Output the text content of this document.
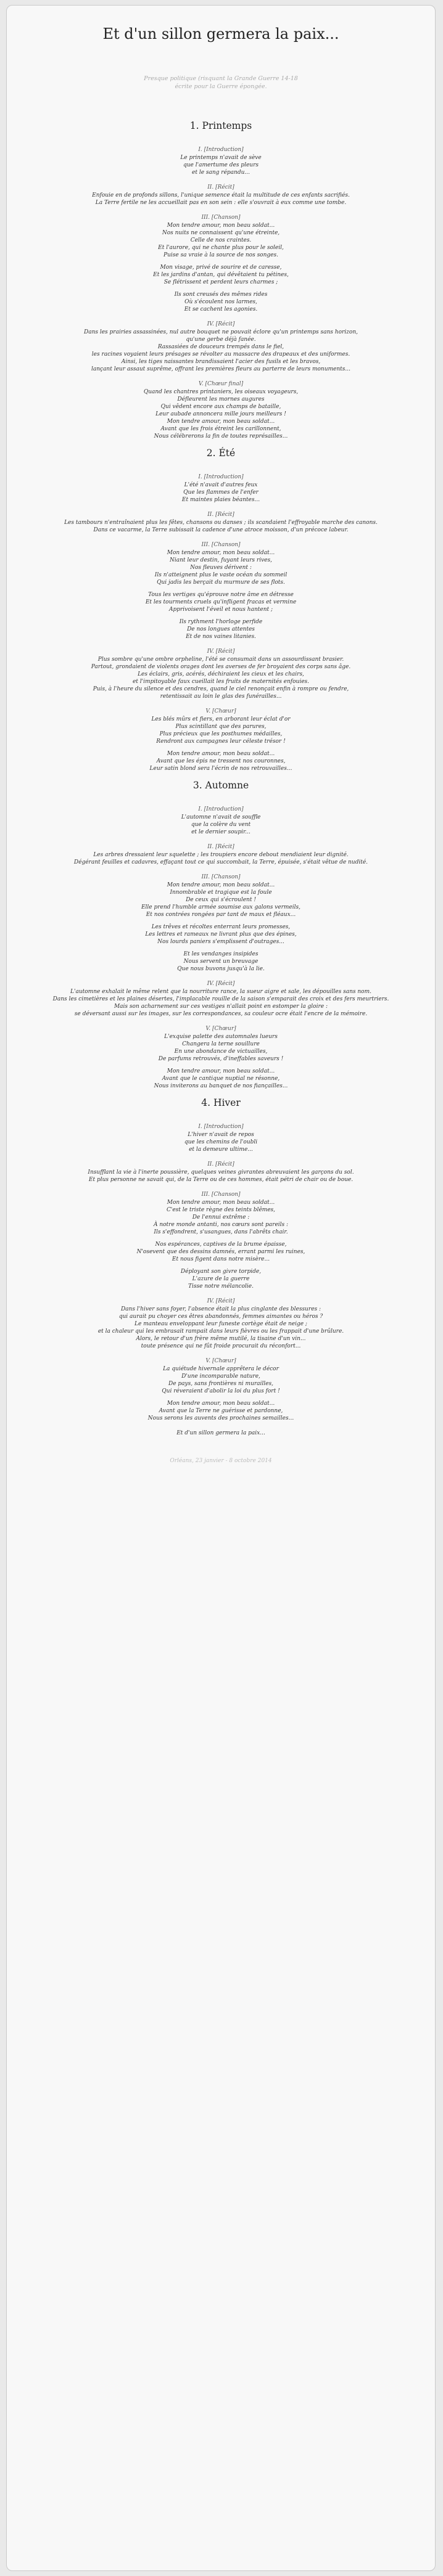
Et d'un sillon germera la paix...
Presque politique (risquant la Grande Guerre 14-18
écrite pour la Guerre épongée.
1. Printemps
I. [Introduction]
Le printemps n'avait de sève
que l'amertume des pleurs
et le sang répandu...
II. [Récit]
Enfouie en de profonds sillons, l'unique semence était la multitude de ces enfants sacrifiés.
La Terre fertile ne les accueillait pas en son sein : elle s'ouvrait à eux comme une tombe.
III. [Chanson]
Mon tendre amour, mon beau soldat...
Nos nuits ne connaissent qu'une étreinte,
Celle de nos craintes.
Et l'aurore, qui ne chante plus pour le soleil,
Puise sa vraie à la source de nos songes.
Mon visage, privé de sourire et de caresse,
Et les jardins d'antan, qui dévêtaient tu pétines,
Se flétrissent et perdent leurs charmes ;
Ils sont creusés des mêmes rides
Où s'écoulent nos larmes,
Et se cachent les agonies.
IV. [Récit]
Dans les prairies assassinées, nul autre bouquet ne pouvait éclore qu'un printemps sans horizon,
qu'une gerbe déjà fanée.
Rassasiées de douceurs trempés dans le fiel,
les racines voyaient leurs présages se révolter au massacre des drapeaux et des uniformes.
Ainsi, les tiges naissantes brandissaient l'acier des fusils et les bravos,
lançant leur assaut suprême, offrant les premières fleurs au parterre de leurs monuments...
V. [Chœur final]
Quand les chantres printaniers, les oiseaux voyageurs,
Défleurent les mornes augures
Qui vêdent encore aux champs de bataille,
Leur aubade annoncera mille jours meilleurs !
Mon tendre amour, mon beau soldat...
Avant que les frois étreint les carillonnent,
Nous célébrerons la fin de toutes représailles...
2. Été
I. [Introduction]
L'été n'avait d'autres feux
Que les flammes de l'enfer
Et maintes plaies béantes...
II. [Récit]
Les tambours n'entraînaient plus les fêtes, chansons ou danses ; ils scandaient l'effroyable marche des canons.
Dans ce vacarme, la Terre subissait la cadence d'une atroce moisson, d'un précoce labeur.
III. [Chanson]
Mon tendre amour, mon beau soldat...
Niant leur destin, fuyant leurs rives,
Nos fleuves dérivent :
Ils n'atteignent plus le vaste océan du sommeil
Qui jadis les berçait du murmure de ses flots.
Tous les vertiges qu'éprouve notre âme en détresse
Et les tourments cruels qu'infligent fracas et vermine
Apprivoisent l'éveil et nous hantent ;
Ils rythment l'horloge perfide
De nos longues attentes
Et de nos vaines litanies.
IV. [Récit]
Plus sombre qu'une ombre orpheline, l'été se consumait dans un assourdissant brasier.
Partout, grondaient de violents orages dont les averses de fer broyaient des corps sans âge.
Les éclairs, gris, acérés, déchiraient les cieux et les chairs,
et l'impitoyable faux cueillait les fruits de maternités enfouies.
Puis, à l'heure du silence et des cendres, quand le ciel renonçait enfin à rompre ou fendre,
retentissait au loin le glas des funérailles...
V. [Chœur]
Les blés mûrs et fiers, en arborant leur éclat d'or
Plus scintillant que des parures,
Plus précieux que les posthumes médailles,
Rendront aux campagnes leur céleste trésor !
Mon tendre amour, mon beau soldat...
Avant que les épis ne tressent nos couronnes,
Leur satin blond sera l'écrin de nos retrouvailles...
3. Automne
I. [Introduction]
L'automne n'avait de souffle
que la colère du vent
et le dernier soupir...
II. [Récit]
Les arbres dressaient leur squelette ; les troupiers encore debout mendiaient leur dignité.
Dégérant feuilles et cadavres, effaçant tout ce qui succombait, la Terre, épuisée, s'était vêtue de nudité.
III. [Chanson]
Mon tendre amour, mon beau soldat...
Innombrable et tragique est la foule
De ceux qui s'écroulent !
Elle prend l'humble armée soumise aux galons vermeils,
Et nos contrées rongées par tant de maux et fléaux...
Les trêves et récoltes enterrant leurs promesses,
Les lettres et rameaux ne livrant plus que des épines,
Nos lourds paniers s'emplissent d'outrages...
Et les vendanges insipides
Nous servent un breuvage
Que nous buvons jusqu'à la lie.
IV. [Récit]
L'automne exhalait le même relent que la nourriture rance, la sueur aigre et sale, les dépouilles sans nom.
Dans les cimetières et les plaines désertes, l'implacable rouille de la saison s'emparait des croix et des fers meurtriers.
Mais son acharnement sur ces vestiges n'allait point en estomper la gloire :
se déversant aussi sur les images, sur les correspondances, sa couleur ocre était l'encre de la mémoire.
V. [Chœur]
L'exquise palette des automnales lueurs
Changera la terne souillure
En une abondance de victuailles,
De parfums retrouvés, d'ineffables saveurs !
Mon tendre amour, mon beau soldat...
Avant que le cantique nuptial ne résonne,
Nous inviterons au banquet de nos fiançailles...
4. Hiver
I. [Introduction]
L'hiver n'avait de repos
que les chemins de l'oubli
et la demeure ultime...
II. [Récit]
Insufflant la vie à l'inerte poussière, quelques veines givrantes abreuvaient les garçons du sol.
Et plus personne ne savait qui, de la Terre ou de ces hommes, était pétri de chair ou de boue.
III. [Chanson]
Mon tendre amour, mon beau soldat...
C'est le triste règne des teints blêmes,
De l'ennui extrême :
À notre monde antanti, nos cœurs sont pareils :
Ils s'effondrent, s'usangues, dans l'abrêts chair.
Nos espérances, captives de la brume épaisse,
N'osevent que des dessins damnés, errant parmi les ruines,
Et nous figent dans notre misère...
Déployant son givre torpide,
L'azure de la guerre
Tisse notre mélancolie.
IV. [Récit]
Dans l'hiver sans foyer, l'absence était la plus cinglante des blessures :
qui aurait pu choyer ces êtres abandonnés, femmes aimantes ou héros ?
Le manteau enveloppant leur funeste cortège était de neige ;
et la chaleur qui les embrasait rampait dans leurs fièvres ou les frappait d'une brûlure.
Alors, le retour d'un frère même mutilé, la tisaine d'un vin...
toute présence qui ne fût froide procurait du réconfort...
V. [Chœur]
La quiétude hivernale apprêtera le décor
D'une incomparable nature,
De pays, sans frontières ni murailles,
Qui réveraient d'abolir la loi du plus fort !
Mon tendre amour, mon beau soldat...
Avant que la Terre ne guérisse et pardonne,
Nous serons les auvents des prochaines semailles...
Et d'un sillon germera la paix...
Orléans, 23 janvier - 8 octobre 2014
